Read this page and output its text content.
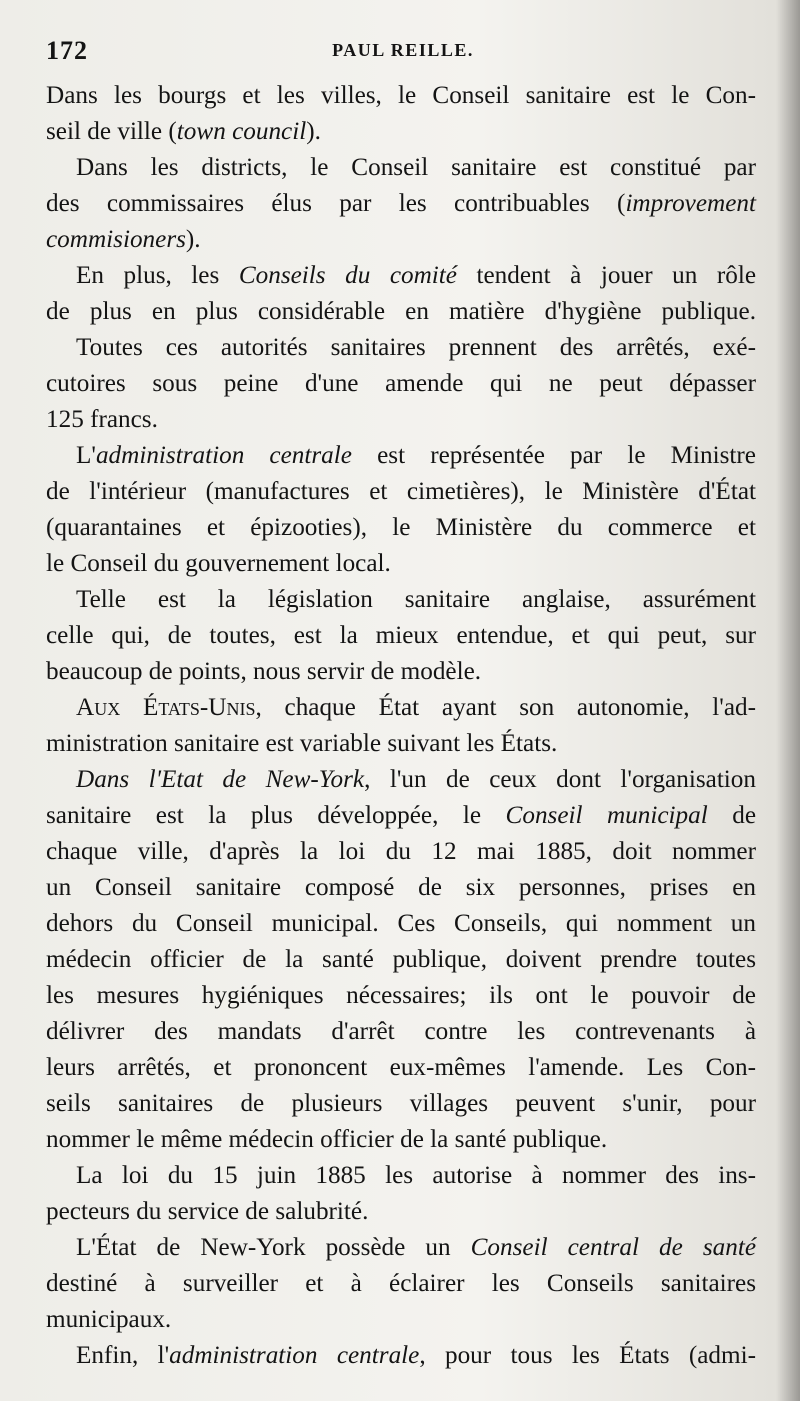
172	PAUL REILLE.
Dans les bourgs et les villes, le Conseil sanitaire est le Con-
seil de ville (town council).
Dans les districts, le Conseil sanitaire est constitué par
des commissaires élus par les contribuables (improvement
commisioners).
En plus, les Conseils du comité tendent à jouer un rôle
de plus en plus considérable en matière d'hygiène publique.
Toutes ces autorités sanitaires prennent des arrêtés, exé-
cutoires sous peine d'une amende qui ne peut dépasser
125 francs.
L'administration centrale est représentée par le Ministre
de l'intérieur (manufactures et cimetières), le Ministère d'État
(quarantaines et épizooties), le Ministère du commerce et
le Conseil du gouvernement local.
Telle est la législation sanitaire anglaise, assurément
celle qui, de toutes, est la mieux entendue, et qui peut, sur
beaucoup de points, nous servir de modèle.
Aux États-Unis, chaque État ayant son autonomie, l'ad-
ministration sanitaire est variable suivant les États.
Dans l'Etat de New-York, l'un de ceux dont l'organisation
sanitaire est la plus développée, le Conseil municipal de
chaque ville, d'après la loi du 12 mai 1885, doit nommer
un Conseil sanitaire composé de six personnes, prises en
dehors du Conseil municipal. Ces Conseils, qui nomment un
médecin officier de la santé publique, doivent prendre toutes
les mesures hygiéniques nécessaires; ils ont le pouvoir de
délivrer des mandats d'arrêt contre les contrevenants à
leurs arrêtés, et prononcent eux-mêmes l'amende. Les Con-
seils sanitaires de plusieurs villages peuvent s'unir, pour
nommer le même médecin officier de la santé publique.
La loi du 15 juin 1885 les autorise à nommer des ins-
pecteurs du service de salubrité.
L'État de New-York possède un Conseil central de santé
destiné à surveiller et à éclairer les Conseils sanitaires
municipaux.
Enfin, l'administration centrale, pour tous les États (admi-
